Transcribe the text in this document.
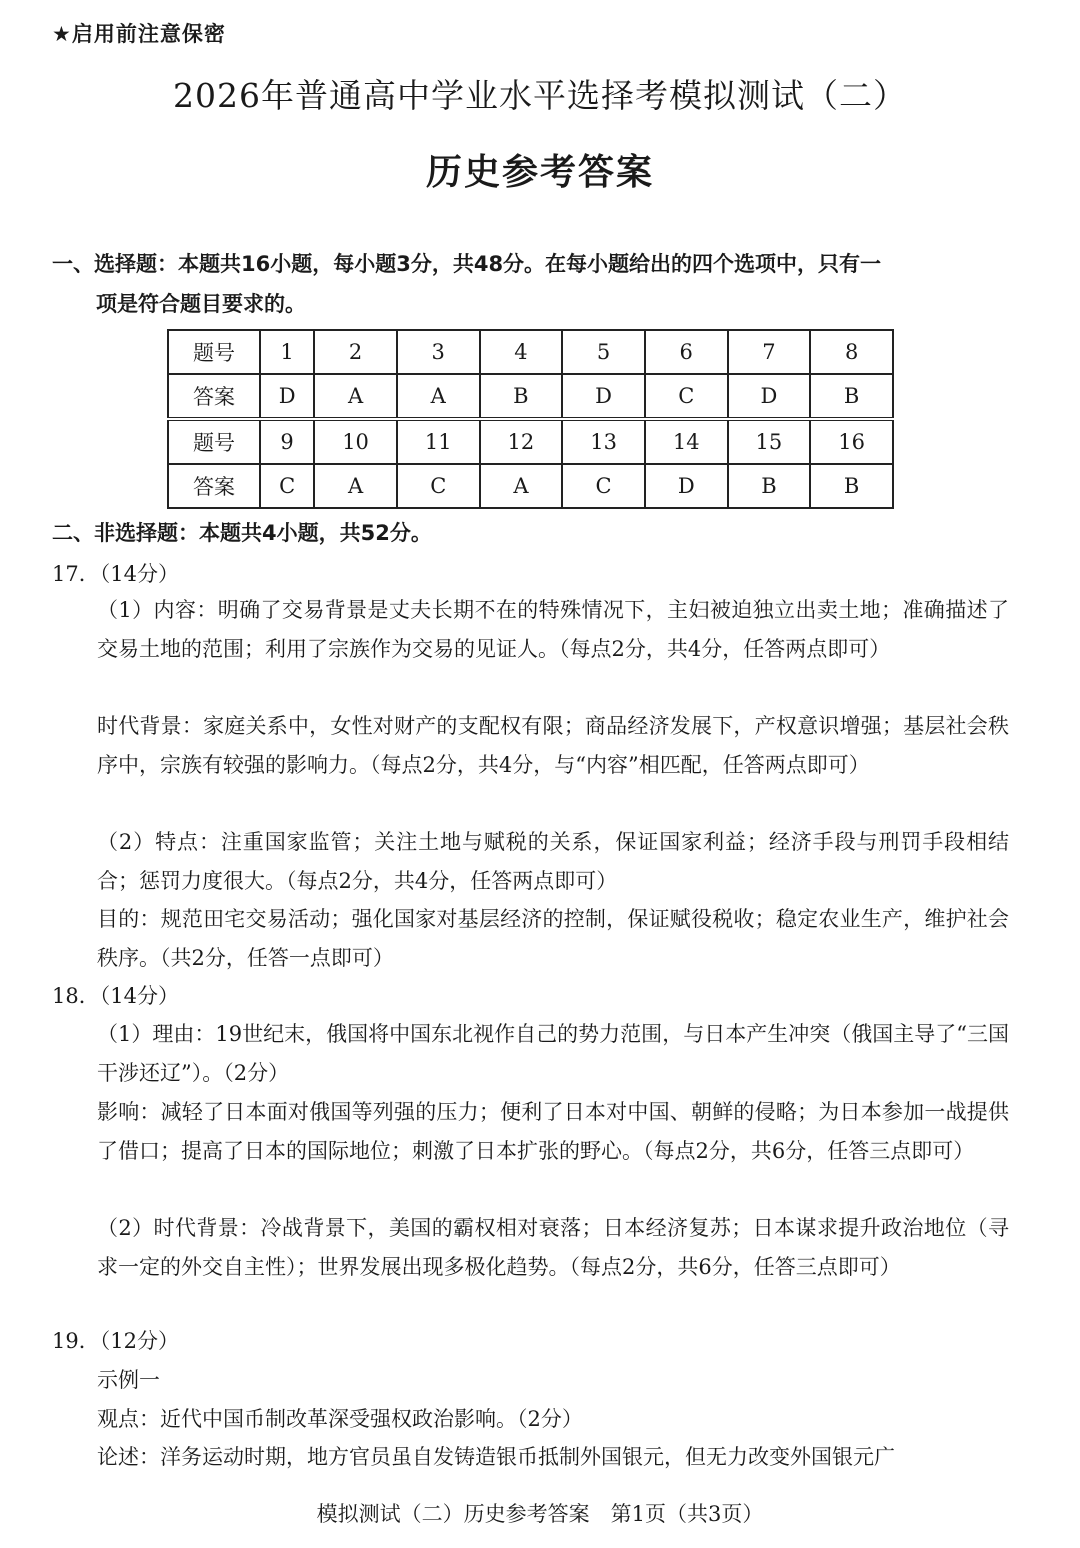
★启用前注意保密
2026年普通高中学业水平选择考模拟测试（二）
历史参考答案
一、选择题：本题共16小题，每小题3分，共48分。在每小题给出的四个选项中，只有一
项是符合题目要求的。
题号	1	2	3	4	5	6	7	8
答案	D	A	A	B	D	C	D	B
题号	9	10	11	12	13	14	15	16
答案	C	A	C	A	C	D	B	B
二、非选择题：本题共4小题，共52分。
17．（14分）

（1）内容：明确了交易背景是丈夫长期不在的特殊情况下，主妇被迫独立出卖土地；准确描述了交易土地的范围；利用了宗族作为交易的见证人。（每点2分，共4分，任答两点即可）

时代背景：家庭关系中，女性对财产的支配权有限；商品经济发展下，产权意识增强；基层社会秩序中，宗族有较强的影响力。（每点2分，共4分，与“内容”相匹配，任答两点即可）

（2）特点：注重国家监管；关注土地与赋税的关系，保证国家利益；经济手段与刑罚手段相结合；惩罚力度很大。（每点2分，共4分，任答两点即可）

目的：规范田宅交易活动；强化国家对基层经济的控制，保证赋役税收；稳定农业生产，维护社会秩序。（共2分，任答一点即可）

18．（14分）

（1）理由：19世纪末，俄国将中国东北视作自己的势力范围，与日本产生冲突（俄国主导了“三国干涉还辽”）。（2分）

影响：减轻了日本面对俄国等列强的压力；便利了日本对中国、朝鲜的侵略；为日本参加一战提供了借口；提高了日本的国际地位；刺激了日本扩张的野心。（每点2分，共6分，任答三点即可）

（2）时代背景：冷战背景下，美国的霸权相对衰落；日本经济复苏；日本谋求提升政治地位（寻求一定的外交自主性）；世界发展出现多极化趋势。（每点2分，共6分，任答三点即可）

19．（12分）

示例一

观点：近代中国币制改革深受强权政治影响。（2分）

论述：洋务运动时期，地方官员虽自发铸造银币抵制外国银元，但无力改变外国银元广

模拟测试（二）历史参考答案　第1页（共3页）
